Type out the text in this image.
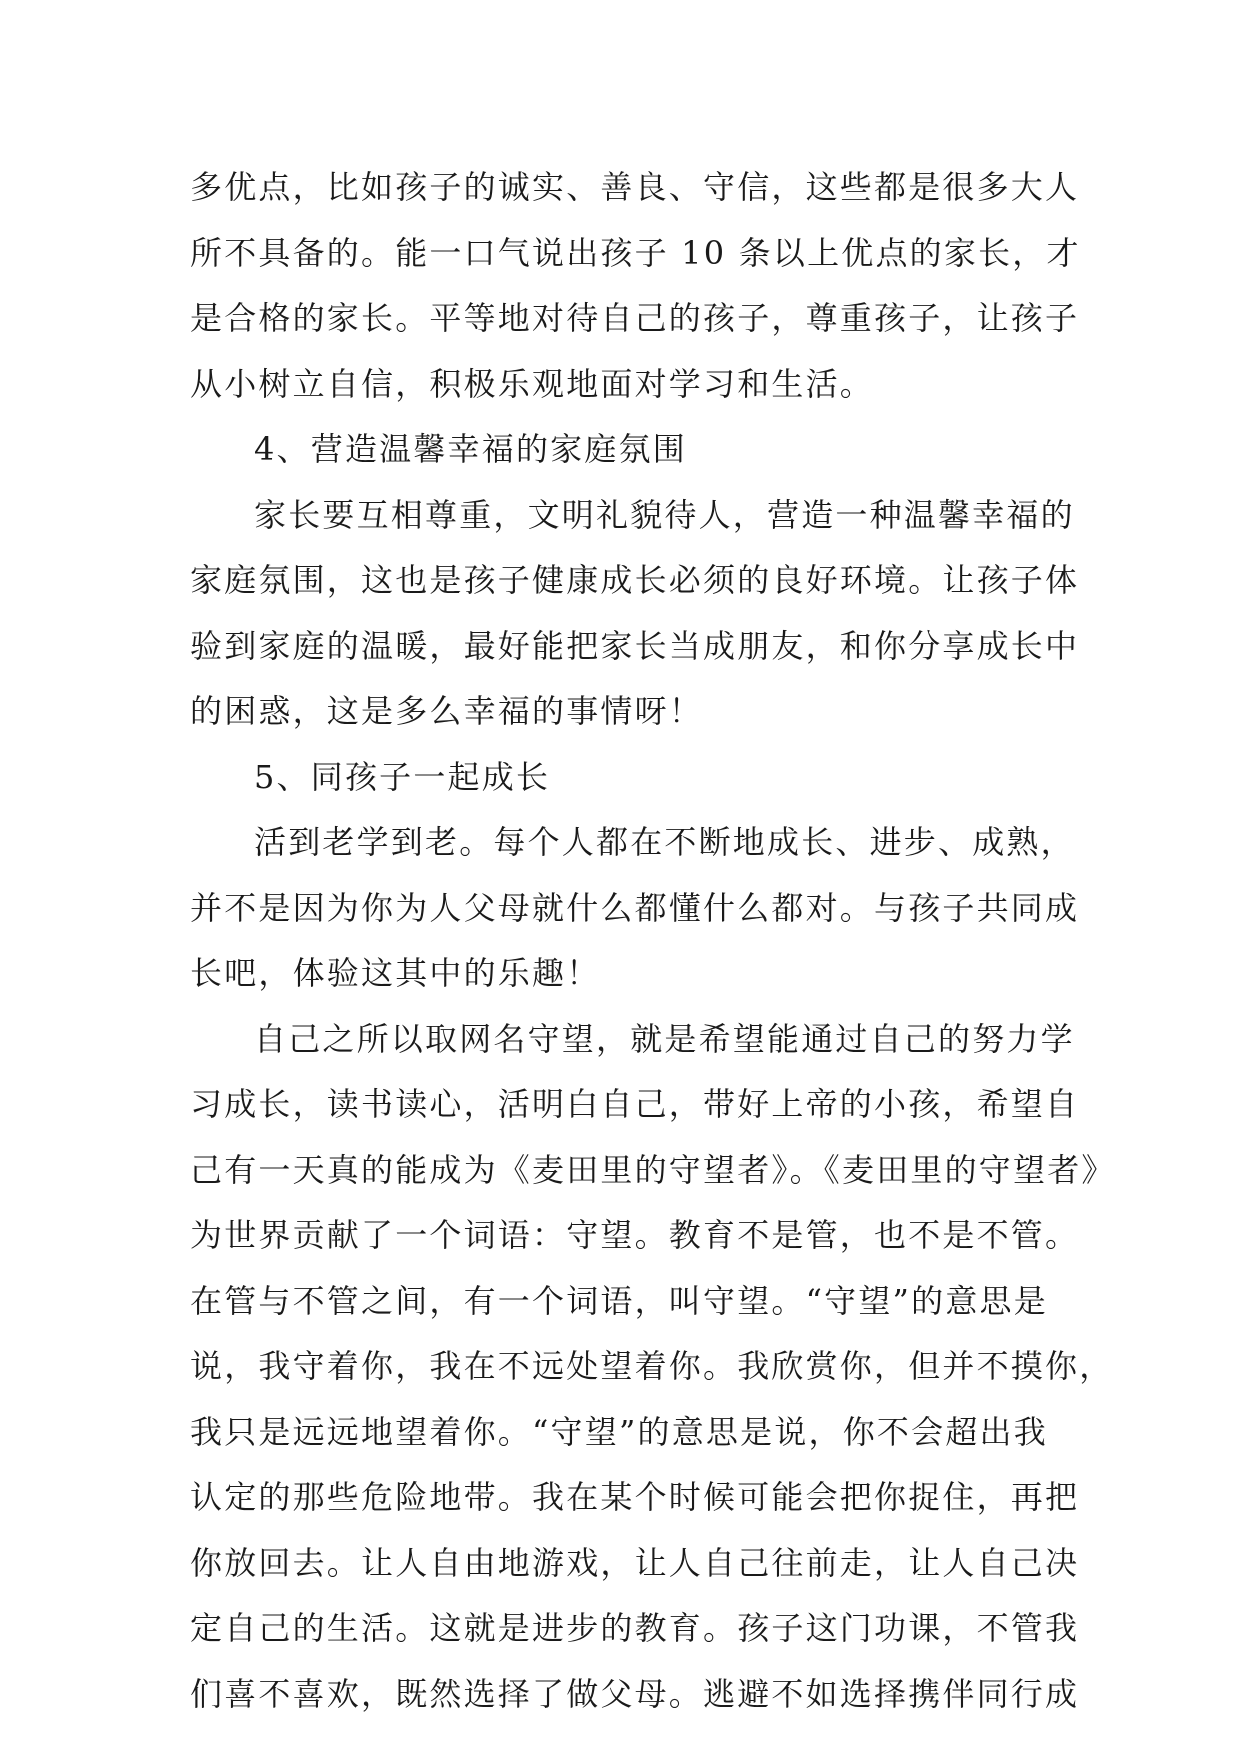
多优点，比如孩子的诚实、善良、守信，这些都是很多大人
所不具备的。能一口气说出孩子 10 条以上优点的家长，才
是合格的家长。平等地对待自己的孩子，尊重孩子，让孩子
从小树立自信，积极乐观地面对学习和生活。
4、营造温馨幸福的家庭氛围
家长要互相尊重，文明礼貌待人，营造一种温馨幸福的
家庭氛围，这也是孩子健康成长必须的良好环境。让孩子体
验到家庭的温暖，最好能把家长当成朋友，和你分享成长中
的困惑，这是多么幸福的事情呀！
5、同孩子一起成长
活到老学到老。每个人都在不断地成长、进步、成熟，
并不是因为你为人父母就什么都懂什么都对。与孩子共同成
长吧，体验这其中的乐趣！
自己之所以取网名守望，就是希望能通过自己的努力学
习成长，读书读心，活明白自己，带好上帝的小孩，希望自
己有一天真的能成为《麦田里的守望者》。《麦田里的守望者》
为世界贡献了一个词语：守望。教育不是管，也不是不管。
在管与不管之间，有一个词语，叫守望。“守望”的意思是
说，我守着你，我在不远处望着你。我欣赏你，但并不摸你，
我只是远远地望着你。“守望”的意思是说，你不会超出我
认定的那些危险地带。我在某个时候可能会把你捉住，再把
你放回去。让人自由地游戏，让人自己往前走，让人自己决
定自己的生活。这就是进步的教育。孩子这门功课，不管我
们喜不喜欢，既然选择了做父母。逃避不如选择携伴同行成
